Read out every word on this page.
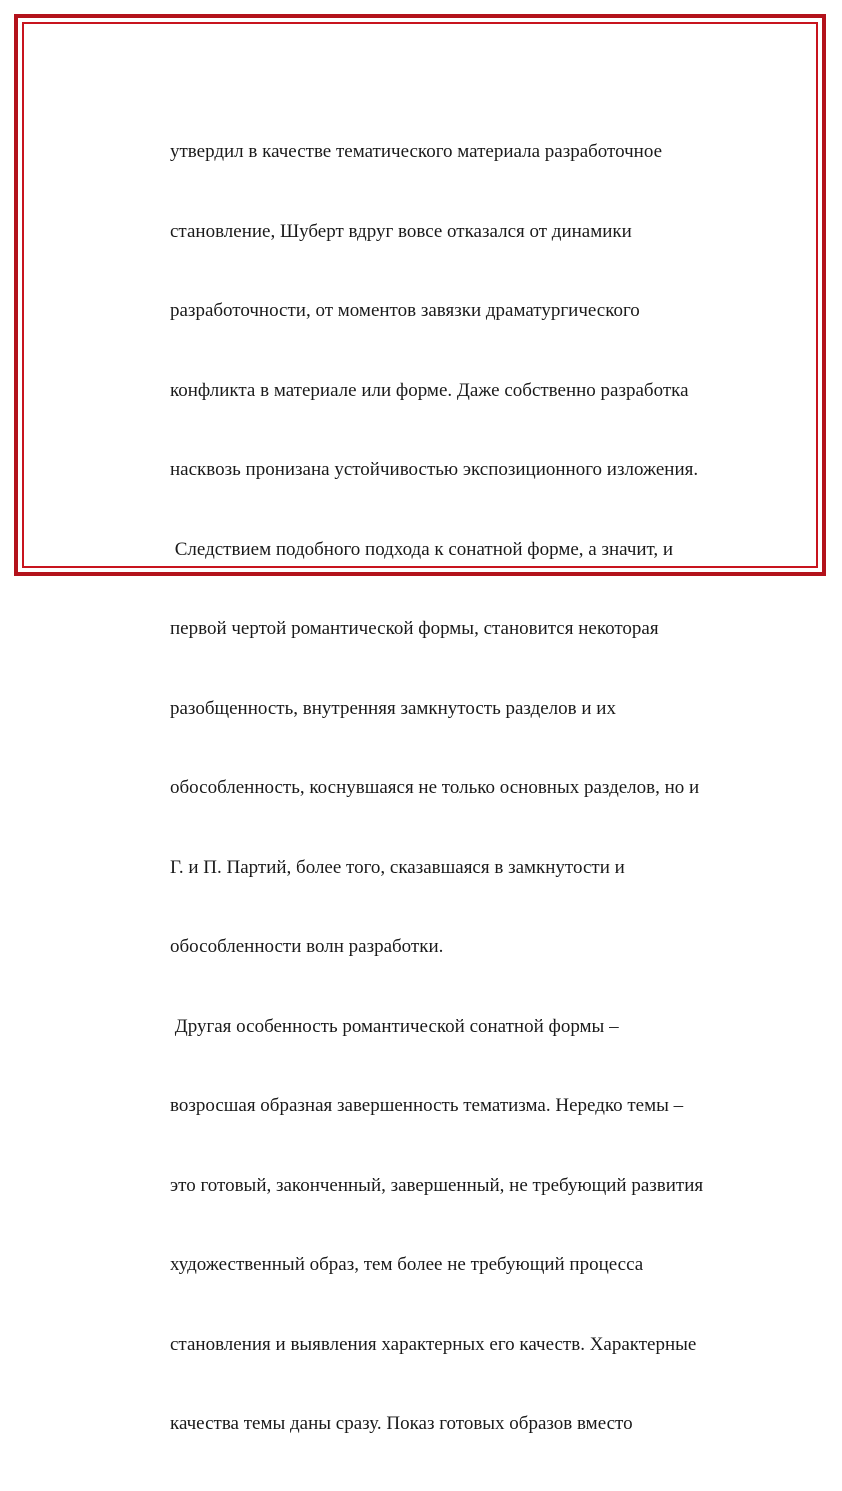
утвердил в качестве тематического материала разработочное

становление, Шуберт вдруг вовсе отказался от динамики

разработочности, от моментов завязки драматургического

конфликта в материале или форме. Даже собственно разработка

насквозь пронизана устойчивостью экспозиционного изложения.

Следствием подобного подхода к сонатной форме, а значит, и

первой чертой романтической формы, становится некоторая

разобщенность, внутренняя замкнутость разделов и их

обособленность, коснувшаяся не только основных разделов, но и

Г. и П. Партий, более того, сказавшаяся в замкнутости и

обособленности волн разработки.

Другая особенность романтической сонатной формы –

возросшая образная завершенность тематизма. Нередко темы –

это готовый, законченный, завершенный, не требующий развития

художественный образ, тем более не требующий процесса

становления и выявления характерных его качеств. Характерные

качества темы даны сразу. Показ готовых образов вместо
